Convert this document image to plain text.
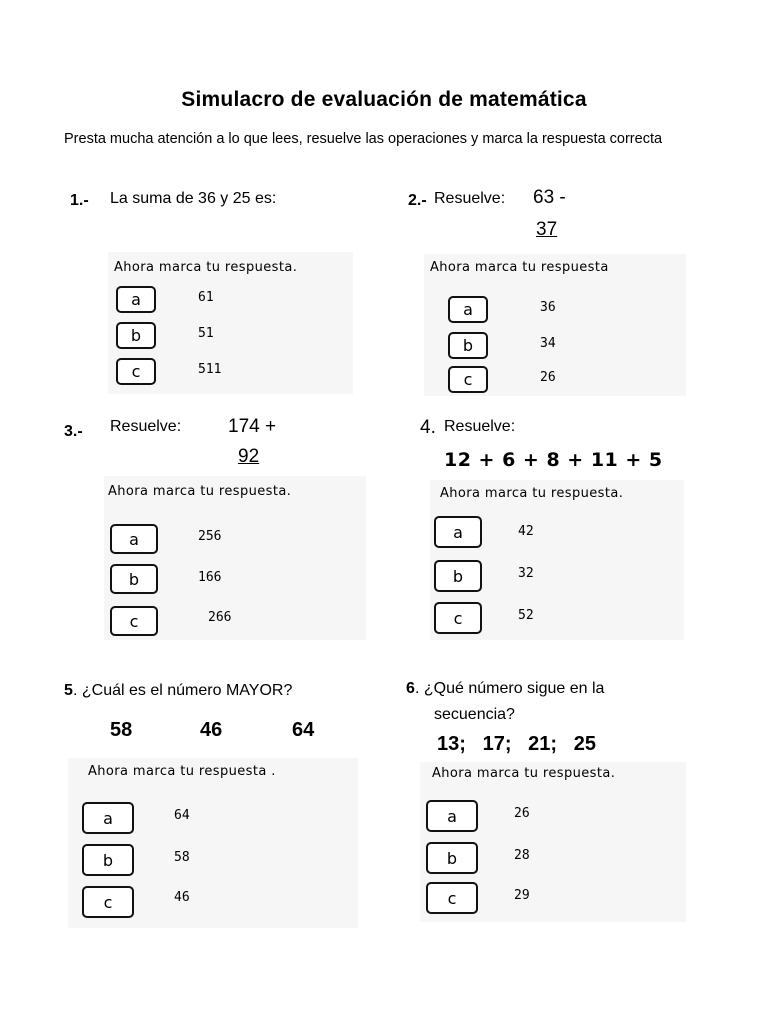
Simulacro de evaluación de matemática
Presta mucha atención a lo que lees, resuelve las operaciones y marca la respuesta correcta
1.- La suma de 36 y 25 es:
Ahora marca tu respuesta.
a	61
b	51
c	511
2.- Resuelve: 63 -
37
Ahora marca tu respuesta
a	36
b	34
c	26
3.- Resuelve: 174 +
92
Ahora marca tu respuesta.
a	256
b	166
c	266
4. Resuelve:
12 + 6 + 8 + 11 + 5
Ahora marca tu respuesta.
a	42
b	32
c	52
5 . ¿Cuál es el número MAYOR?
58	46	64
Ahora marca tu respuesta .
a	64
b	58
c	46
6 . ¿Qué número sigue en la
secuencia?
13;   17;   21;   25
Ahora marca tu respuesta.
a	26
b	28
c	29
